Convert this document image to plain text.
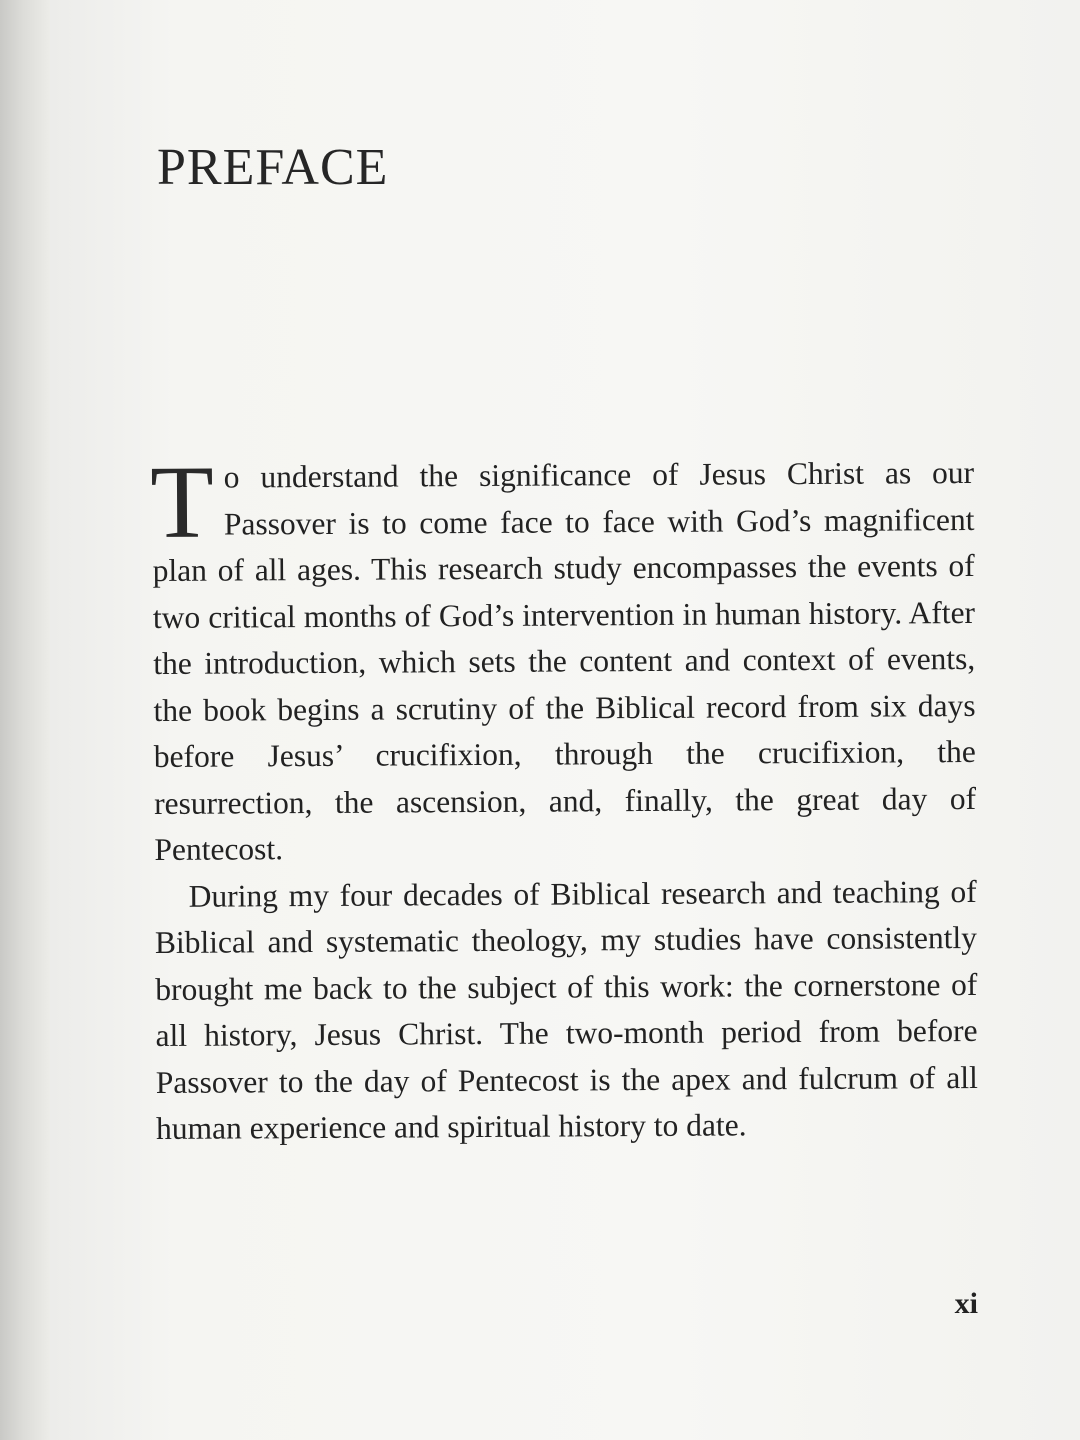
PREFACE

To understand the significance of Jesus Christ as our Passover is to come face to face with God’s magnificent plan of all ages. This research study encompasses the events of two critical months of God’s intervention in human history. After the introduction, which sets the content and context of events, the book begins a scrutiny of the Biblical record from six days before Jesus’ crucifixion, through the crucifixion, the resurrection, the ascension, and, finally, the great day of Pentecost.

During my four decades of Biblical research and teaching of Biblical and systematic theology, my studies have consistently brought me back to the subject of this work: the cornerstone of all history, Jesus Christ. The two-month period from before Passover to the day of Pentecost is the apex and fulcrum of all human experience and spiritual history to date.

xi
